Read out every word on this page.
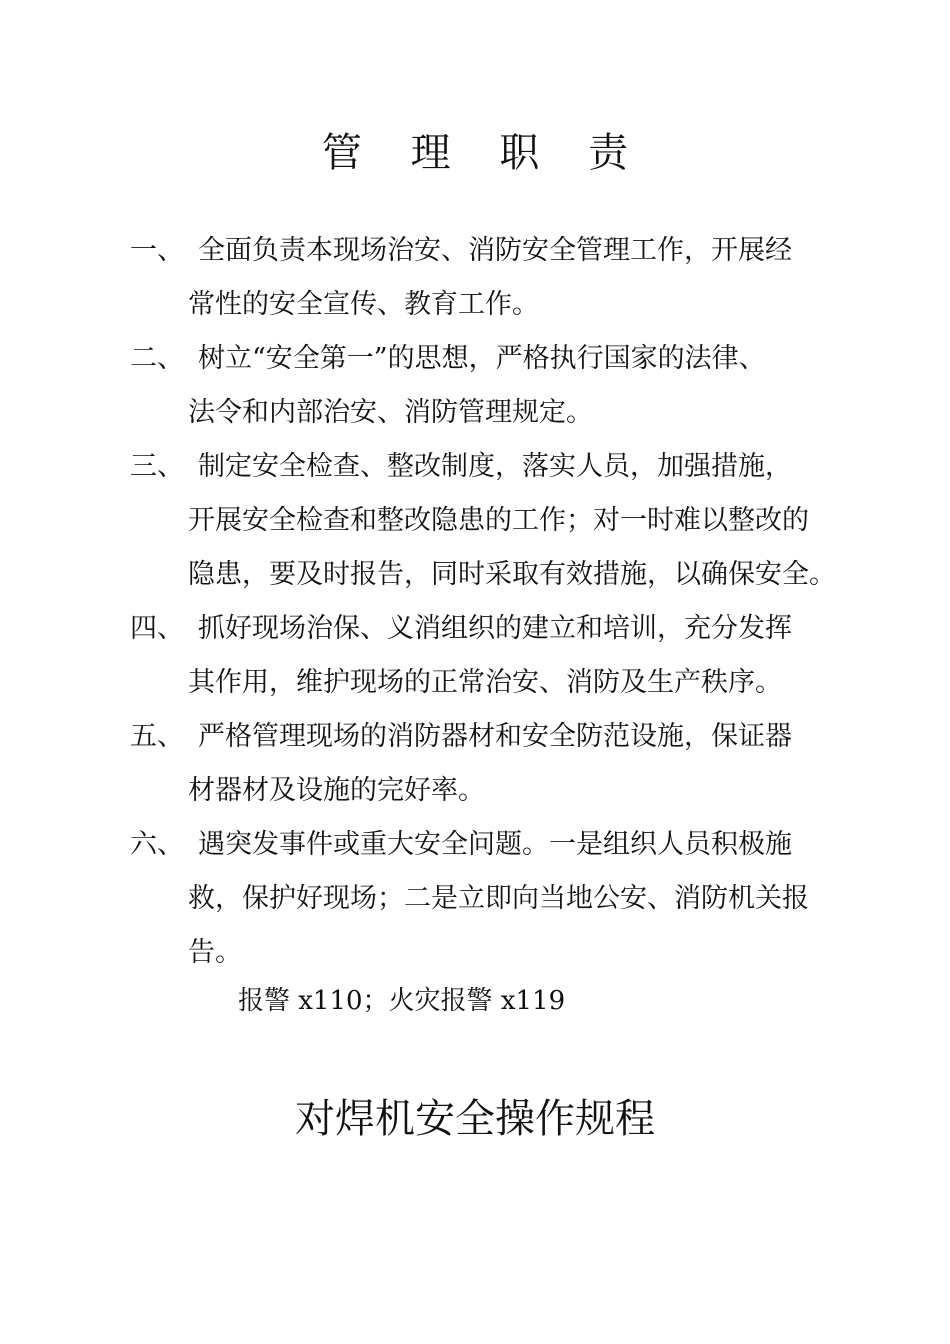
管 理 职 责
一、 全面负责本现场治安、消防安全管理工作，开展经
常性的安全宣传、教育工作。
二、 树立“安全第一”的思想，严格执行国家的法律、
法令和内部治安、消防管理规定。
三、 制定安全检查、整改制度，落实人员，加强措施，
开展安全检查和整改隐患的工作；对一时难以整改的
隐患，要及时报告，同时采取有效措施，以确保安全。
四、 抓好现场治保、义消组织的建立和培训，充分发挥
其作用，维护现场的正常治安、消防及生产秩序。
五、 严格管理现场的消防器材和安全防范设施，保证器
材器材及设施的完好率。
六、 遇突发事件或重大安全问题。一是组织人员积极施
救，保护好现场；二是立即向当地公安、消防机关报
告。
报警 x110；火灾报警 x119
对焊机安全操作规程
